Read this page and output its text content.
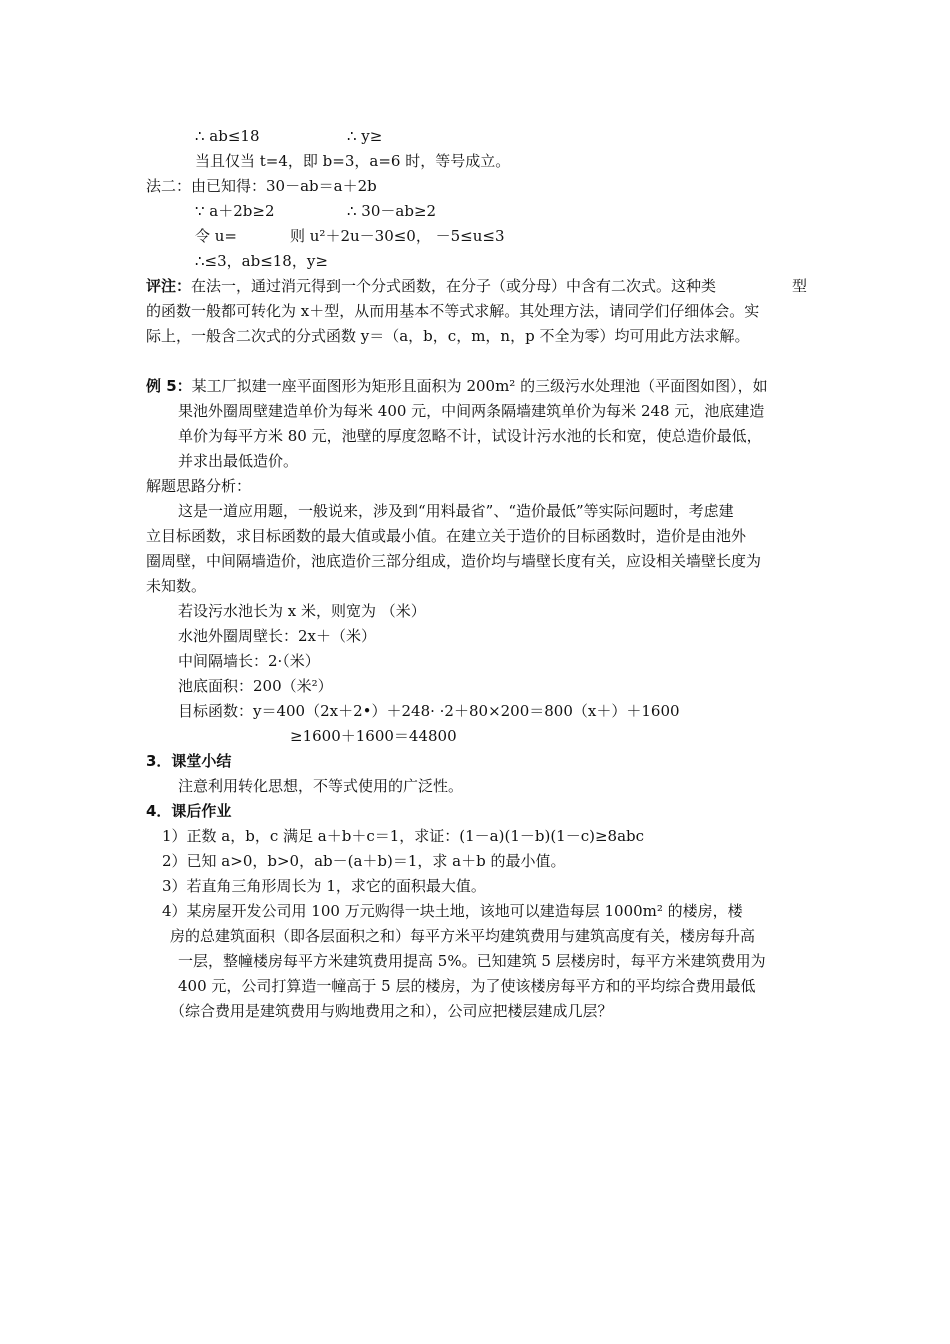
∴ ab≤18	∴ y≥
当且仅当 t=4，即 b=3，a=6 时，等号成立。
法二：由已知得：30－ab＝a＋2b
∵ a＋2b≥2	∴ 30－ab≥2
令 u=	则 u²＋2u－30≤0， －5≤u≤3
∴≤3，ab≤18，y≥
评注：在法一，通过消元得到一个分式函数，在分子（或分母）中含有二次式。这种类	型
的函数一般都可转化为 x＋型，从而用基本不等式求解。其处理方法，请同学们仔细体会。实
际上，一般含二次式的分式函数 y＝（a，b，c，m，n，p 不全为零）均可用此方法求解。
例 5：某工厂拟建一座平面图形为矩形且面积为 200m² 的三级污水处理池（平面图如图），如
果池外圈周壁建造单价为每米 400 元，中间两条隔墙建筑单价为每米 248 元，池底建造
单价为每平方米 80 元，池壁的厚度忽略不计，试设计污水池的长和宽，使总造价最低，
并求出最低造价。
解题思路分析：
这是一道应用题，一般说来，涉及到“用料最省”、“造价最低”等实际问题时，考虑建
立目标函数，求目标函数的最大值或最小值。在建立关于造价的目标函数时，造价是由池外
圈周壁，中间隔墙造价，池底造价三部分组成，造价均与墙壁长度有关，应设相关墙壁长度为
未知数。
若设污水池长为 x 米，则宽为 （米）
水池外圈周壁长：2x＋（米）
中间隔墙长：2·（米）
池底面积：200（米²）
目标函数：y＝400（2x＋2•）＋248· ·2＋80×200＝800（x＋）＋1600
≥1600＋1600＝44800
3．课堂小结
注意利用转化思想，不等式使用的广泛性。
4．课后作业
1）正数 a，b，c 满足 a＋b＋c＝1，求证：(1－a)(1－b)(1－c)≥8abc
2）已知 a>0，b>0，ab－(a＋b)＝1，求 a＋b 的最小值。
3）若直角三角形周长为 1，求它的面积最大值。
4）某房屋开发公司用 100 万元购得一块土地，该地可以建造每层 1000m² 的楼房，楼
房的总建筑面积（即各层面积之和）每平方米平均建筑费用与建筑高度有关，楼房每升高
一层，整幢楼房每平方米建筑费用提高 5%。已知建筑 5 层楼房时，每平方米建筑费用为
400 元，公司打算造一幢高于 5 层的楼房，为了使该楼房每平方和的平均综合费用最低
（综合费用是建筑费用与购地费用之和），公司应把楼层建成几层？
